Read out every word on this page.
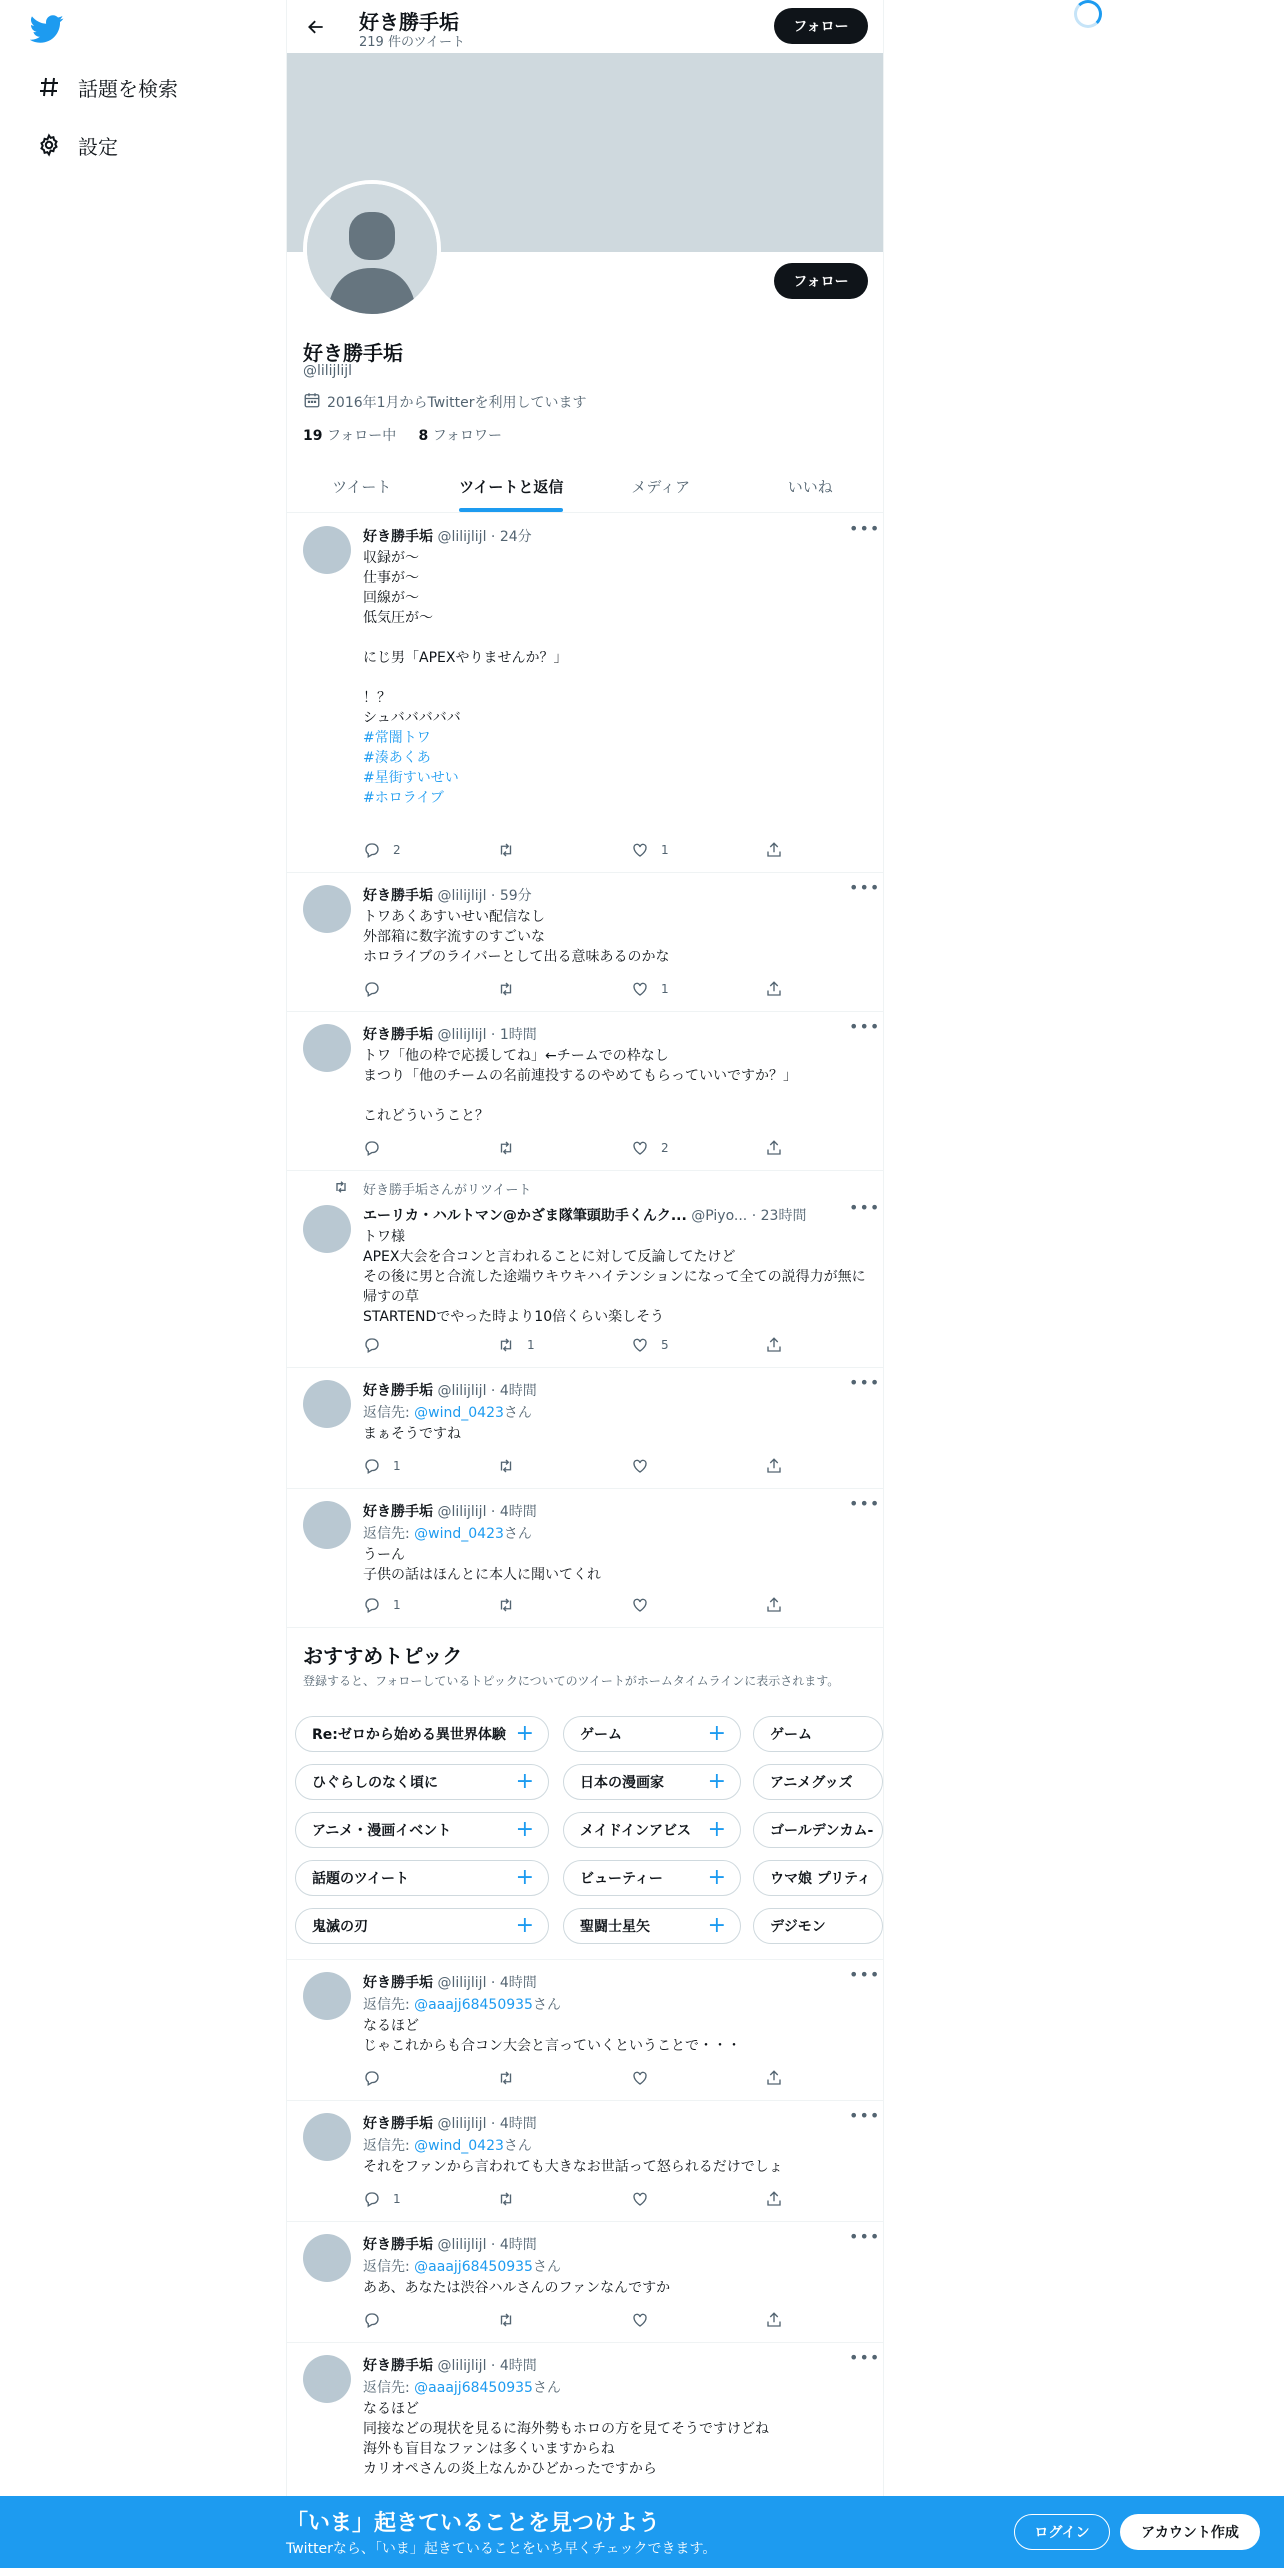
話題を検索
設定
好き勝手垢
219 件のツイート
フォロー
フォロー
好き勝手垢
@lilijlijl
2016年1月からTwitterを利用しています
19 フォロー中 8 フォロワー
ツイート	ツイートと返信	メディア	いいね
好き勝手垢 @lilijlijl · 24分	•••
収録が～
仕事が～
回線が～
低気圧が～

にじ男「APEXやりませんか？」

！？
シュバババババ

#常闇トワ
#湊あくあ
#星街すいせい
#ホロライブ
2	1
好き勝手垢 @lilijlijl · 59分	•••
トワあくあすいせい配信なし
外部箱に数字流すのすごいな
ホロライブのライバーとして出る意味あるのかな
1
好き勝手垢 @lilijlijl · 1時間	•••
トワ「他の枠で応援してね」←チームでの枠なし
まつり「他のチームの名前連投するのやめてもらっていいですか？」

これどういうこと？
2
好き勝手垢さんがリツイート
エーリカ・ハルトマン@かざま隊筆頭助手くんク... @Piyo... · 23時間	•••
トワ様
APEX大会を合コンと言われることに対して反論してたけど
その後に男と合流した途端ウキウキハイテンションになって全ての説得力が無に帰すの草
STARTENDでやった時より10倍くらい楽しそう
1	5
好き勝手垢 @lilijlijl · 4時間	•••
返信先: @wind_0423さん
まぁそうですね
1
好き勝手垢 @lilijlijl · 4時間	•••
返信先: @wind_0423さん
うーん
子供の話はほんとに本人に聞いてくれ
1
好き勝手垢 @lilijlijl · 4時間	•••
返信先: @aaajj68450935さん
なるほど
じゃこれからも合コン大会と言っていくということで・・・
好き勝手垢 @lilijlijl · 4時間	•••
返信先: @wind_0423さん
それをファンから言われても大きなお世話って怒られるだけでしょ
1
好き勝手垢 @lilijlijl · 4時間	•••
返信先: @aaajj68450935さん
ああ、あなたは渋谷ハルさんのファンなんですか
好き勝手垢 @lilijlijl · 4時間	•••
返信先: @aaajj68450935さん
なるほど
同接などの現状を見るに海外勢もホロの方を見てそうですけどね
海外も盲目なファンは多くいますからね
カリオペさんの炎上なんかひどかったですから
おすすめトピック
登録すると、フォローしているトピックについてのツイートがホームタイムラインに表示されます。
Re:ゼロから始める異世界体験 +	ゲーム	+	ゲーム
ひぐらしのなく頃に	+	日本の漫画家 +	アニメグッズ
アニメ・漫画イベント	+	メイドインアビス +	ゴールデンカム-
話題のツイート	+	ビューティー +	ウマ娘 プリティ
鬼滅の刃	+	聖闘士星矢	+	デジモン
「いま」起きていることを見つけよう
Twitterなら、「いま」起きていることをいち早くチェックできます。
ログイン	アカウント作成
